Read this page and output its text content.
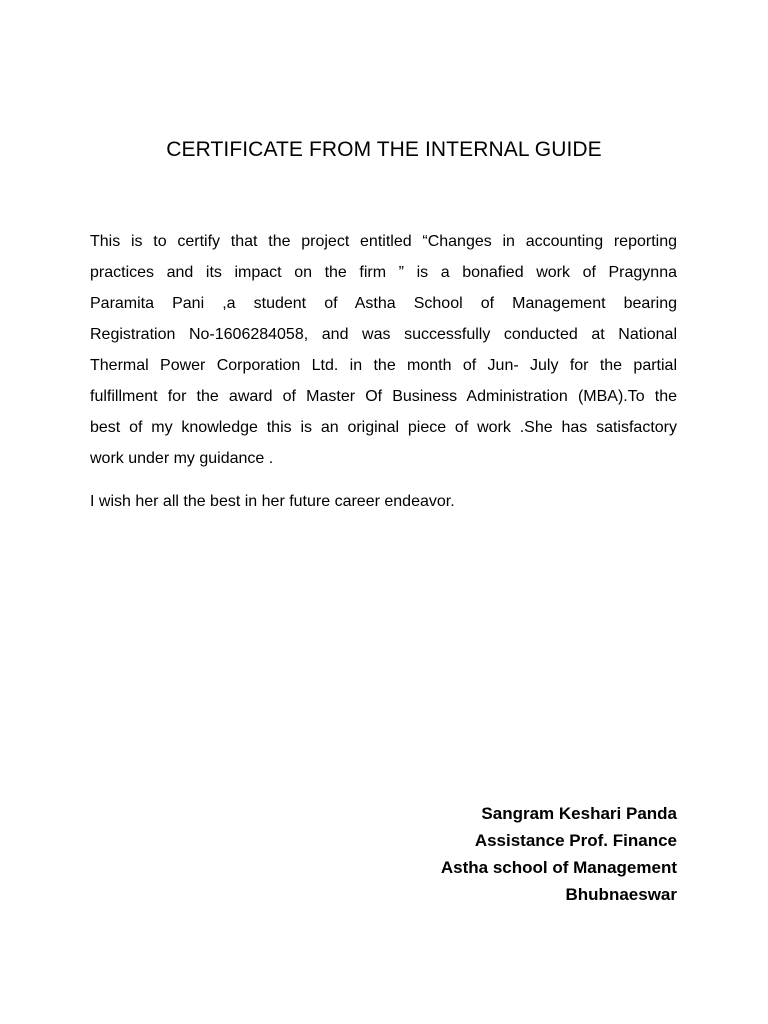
CERTIFICATE FROM THE INTERNAL GUIDE

This is to certify that the project entitled “Changes in accounting reporting
practices and its impact on the firm ” is a bonafied work of Pragynna
Paramita Pani ,a student of Astha School of Management bearing
Registration No-1606284058, and was successfully conducted at National
Thermal Power Corporation Ltd. in the month of Jun- July for the partial
fulfillment for the award of Master Of Business Administration (MBA).To the
best of my knowledge this is an original piece of work .She has satisfactory
work under my guidance .

I wish her all the best in her future career endeavor.

Sangram Keshari Panda
Assistance Prof. Finance
Astha school of Management
Bhubnaeswar
